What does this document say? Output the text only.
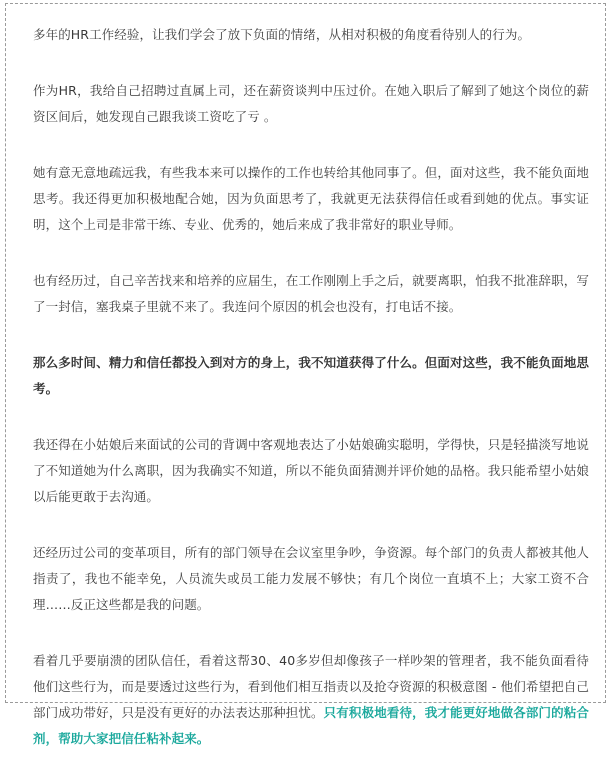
多年的HR工作经验，让我们学会了放下负面的情绪，从相对积极的角度看待别人的行为。

作为HR，我给自己招聘过直属上司，还在薪资谈判中压过价。在她入职后了解到了她这个岗位的薪资区间后，她发现自己跟我谈工资吃了亏 。

她有意无意地疏远我，有些我本来可以操作的工作也转给其他同事了。但，面对这些，我不能负面地思考。我还得更加积极地配合她，因为负面思考了，我就更无法获得信任或看到她的优点。事实证明，这个上司是非常干练、专业、优秀的，她后来成了我非常好的职业导师。

也有经历过，自己辛苦找来和培养的应届生，在工作刚刚上手之后，就要离职，怕我不批准辞职，写了一封信，塞我桌子里就不来了。我连问个原因的机会也没有，打电话不接。

那么多时间、精力和信任都投入到对方的身上，我不知道获得了什么。但面对这些，我不能负面地思考。

我还得在小姑娘后来面试的公司的背调中客观地表达了小姑娘确实聪明，学得快，只是轻描淡写地说了不知道她为什么离职，因为我确实不知道，所以不能负面猜测并评价她的品格。我只能希望小姑娘以后能更敢于去沟通。

还经历过公司的变革项目，所有的部门领导在会议室里争吵，争资源。每个部门的负责人都被其他人指责了，我也不能幸免，人员流失或员工能力发展不够快；有几个岗位一直填不上；大家工资不合理……反正这些都是我的问题。

看着几乎要崩溃的团队信任，看着这帮30、40多岁但却像孩子一样吵架的管理者，我不能负面看待他们这些行为，而是要透过这些行为，看到他们相互指责以及抢夺资源的积极意图 - 他们希望把自己部门成功带好，只是没有更好的办法表达那种担忧。只有积极地看待，我才能更好地做各部门的粘合剂，帮助大家把信任粘补起来。
